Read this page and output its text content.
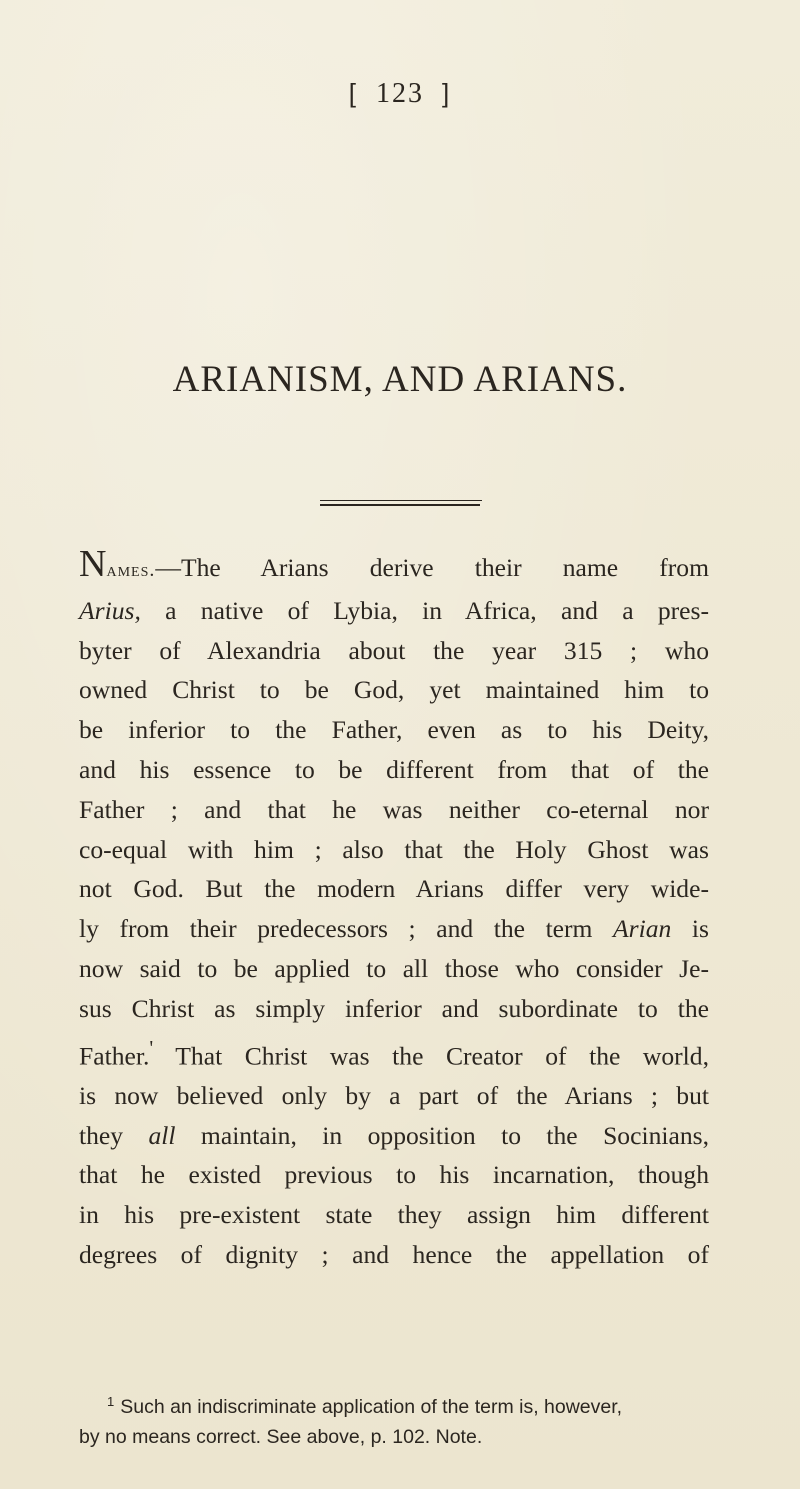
[ 123 ]
ARIANISM, AND ARIANS.
Names.—The Arians derive their name from
Arius, a native of Lybia, in Africa, and a pres-
byter of Alexandria about the year 315 ; who
owned Christ to be God, yet maintained him to
be inferior to the Father, even as to his Deity,
and his essence to be different from that of the
Father ; and that he was neither co-eternal nor
co-equal with him ; also that the Holy Ghost was
not God. But the modern Arians differ very wide-
ly from their predecessors ; and the term Arian is
now said to be applied to all those who consider Je-
sus Christ as simply inferior and subordinate to the
Father.' That Christ was the Creator of the world,
is now believed only by a part of the Arians ; but
they all maintain, in opposition to the Socinians,
that he existed previous to his incarnation, though
in his pre-existent state they assign him different
degrees of dignity ; and hence the appellation of
$^1$ Such an indiscriminate application of the term is, however,
by no means correct. See above, p. 102. Note.
